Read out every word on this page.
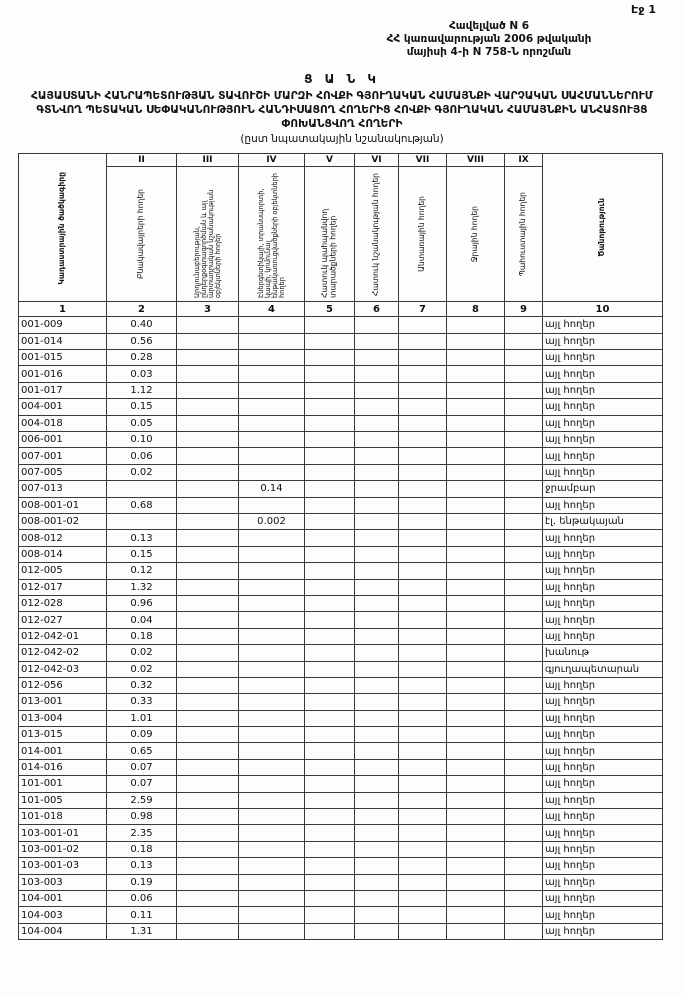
Էջ 1
Հավելված N 6
ՀՀ կառավարության 2006 թվականի
մայիսի 4-ի N 758-Ն որոշման
Ց Ա Ն Կ
ՀԱՅԱՍՏԱՆԻ ՀԱՆՐԱՊԵՏՈՒԹՅԱՆ ՏԱՎՈՒՇԻ ՄԱՐԶԻ ՀՈՎՔԻ ԳՅՈՒՂԱԿԱՆ ՀԱՄԱՅՆՔԻ ՎԱՐՉԱԿԱՆ ՍԱՀՄԱՆՆԵՐՈՒՄ ԳՏՆՎՈՂ ՊԵՏԱԿԱՆ ՍԵՓԱԿԱՆՈՒԹՅՈՒՆ ՀԱՆԴԻՍԱՑՈՂ ՀՈՂԵՐԻՑ ՀՈՎՔԻ ԳՅՈՒՂԱԿԱՆ ՀԱՄԱՅՆՔԻՆ ԱՆՀԱՏՈՒՅՑ ՓՈԽԱՆՑՎՈՂ ՀՈՂԵՐԻ
(ըստ նպատակային նշանակության)
Կադաստրային ծածկագիրը	II	III	IV	V	VI	VII	VIII	IX	Ծանոթություն

	Բնակավայրերի հողեր	Արդյունաբերության, ընդերքօգտագործման և այլ արտադրական նշանակության օբյեկտների հողեր	Էներգետիկայի, տրանսպորտի, կապի, կոմունալ ենթակառուցվածքների օբյեկտների հողեր	Հատուկ պահպանվող տարածքների հողեր	Հատուկ նշանակության հողեր	Անտառային հողեր	Ջրային հողեր	Պահուստային հողեր	

1	2	3	4	5	6	7	8	9	10
001-009	0.40								այլ հողեր
001-014	0.56								այլ հողեր
001-015	0.28								այլ հողեր
001-016	0.03								այլ հողեր
001-017	1.12								այլ հողեր
004-001	0.15								այլ հողեր
004-018	0.05								այլ հողեր
006-001	0.10								այլ հողեր
007-001	0.06								այլ հողեր
007-005	0.02								այլ հողեր
007-013			0.14						ջրամբար
008-001-01	0.68								այլ հողեր
008-001-02			0.002						էլ. ենթակայան
008-012	0.13								այլ հողեր
008-014	0.15								այլ հողեր
012-005	0.12								այլ հողեր
012-017	1.32								այլ հողեր
012-028	0.96								այլ հողեր
012-027	0.04								այլ հողեր
012-042-01	0.18								այլ հողեր
012-042-02	0.02								խանութ
012-042-03	0.02								գյուղապետարան
012-056	0.32								այլ հողեր
013-001	0.33								այլ հողեր
013-004	1.01								այլ հողեր
013-015	0.09								այլ հողեր
014-001	0.65								այլ հողեր
014-016	0.07								այլ հողեր
101-001	0.07								այլ հողեր
101-005	2.59								այլ հողեր
101-018	0.98								այլ հողեր
103-001-01	2.35								այլ հողեր
103-001-02	0.18								այլ հողեր
103-001-03	0.13								այլ հողեր
103-003	0.19								այլ հողեր
104-001	0.06								այլ հողեր
104-003	0.11								այլ հողեր
104-004	1.31								այլ հողեր
